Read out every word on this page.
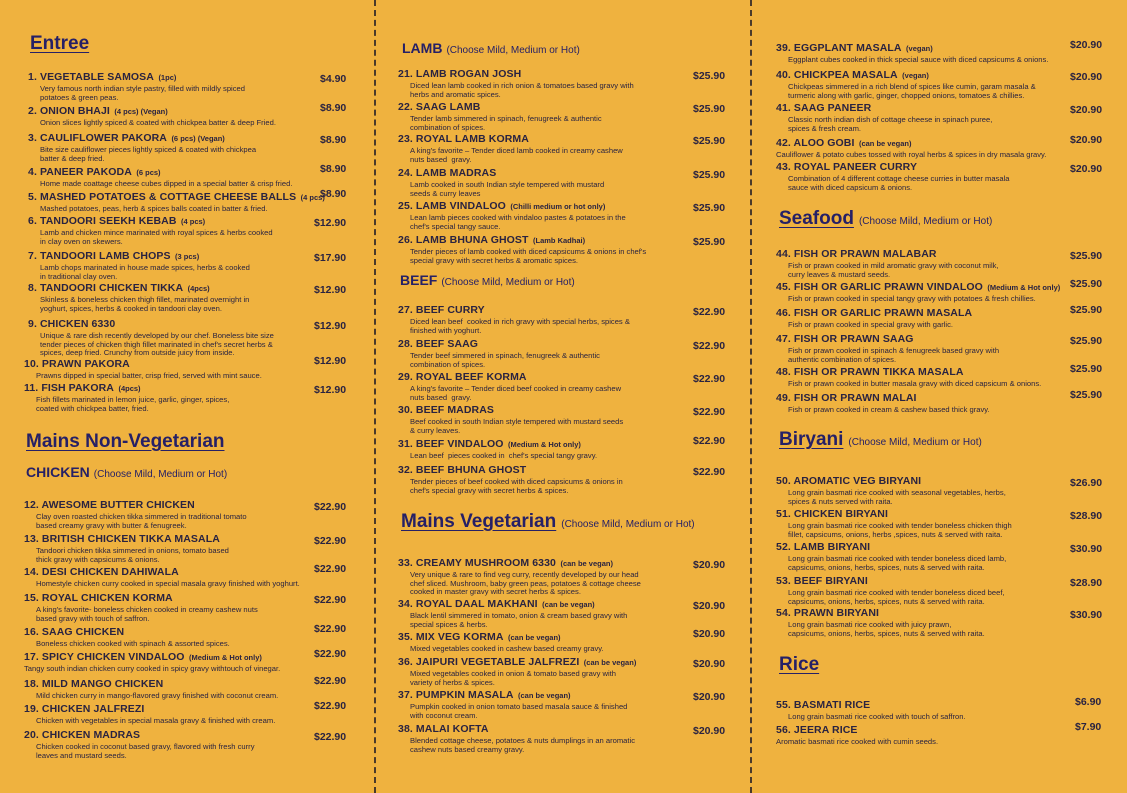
Entree
1. VEGETABLE SAMOSA (1pc)
Very famous north indian style pastry, filled with mildly spiced
potatoes & green peas.
$4.90
2. ONION BHAJI (4 pcs) (Vegan)
Onion slices lightly spiced & coated with chickpea batter & deep Fried.
$8.90
3. CAULIFLOWER PAKORA (6 pcs) (Vegan)
Bite size cauliflower pieces lightly spiced & coated with chickpea
batter & deep fried.
$8.90
4. PANEER PAKODA (6 pcs)
Home made coattage cheese cubes dipped in a special batter & crisp fried.
$8.90
5. MASHED POTATOES & COTTAGE CHEESE BALLS (4 pcs)
Mashed potatoes, peas, herb & spices balls coated in batter & fried.
$8.90
6. TANDOORI SEEKH KEBAB (4 pcs)
Lamb and chicken mince marinated with royal spices & herbs cooked
in clay oven on skewers.
$12.90
7. TANDOORI LAMB CHOPS (3 pcs)
Lamb chops marinated in house made spices, herbs & cooked
in traditional clay oven.
$17.90
8. TANDOORI CHICKEN TIKKA (4pcs)
Skinless & boneless chicken thigh fillet, marinated overnight in
yoghurt, spices, herbs & cooked in tandoori clay oven.
$12.90
9. CHICKEN 6330
Unique & rare dish recently developed by our chef. Boneless bite size
tender pieces of chicken thigh fillet marinated in chef's secret herbs &
spices, deep fried. Crunchy from outside juicy from inside.
$12.90
10. PRAWN PAKORA
Prawns dipped in special batter, crisp fried, served with mint sauce.
$12.90
11. FISH PAKORA (4pcs)
Fish fillets marinated in lemon juice, garlic, ginger, spices,
coated with chickpea batter, fried.
$12.90
Mains Non-Vegetarian
CHICKEN (Choose Mild, Medium or Hot)
12. AWESOME BUTTER CHICKEN
Clay oven roasted chicken tikka simmered in traditional tomato
based creamy gravy with butter & fenugreek.
$22.90
13. BRITISH CHICKEN TIKKA MASALA
Tandoori chicken tikka simmered in onions, tomato based
thick gravy with capsicums & onions.
$22.90
14. DESI CHICKEN DAHIWALA
Homestyle chicken curry cooked in special masala gravy finished with yoghurt.
$22.90
15. ROYAL CHICKEN KORMA
A king's favorite- boneless chicken cooked in creamy cashew nuts
based gravy with touch of saffron.
$22.90
16. SAAG CHICKEN
Boneless chicken cooked with spinach & assorted spices.
$22.90
17. SPICY CHICKEN VINDALOO (Medium & Hot only)
Tangy south indian chicken curry cooked in spicy gravy withtouch of vinegar.
$22.90
18. MILD MANGO CHICKEN
Mild chicken curry in mango-flavored gravy finished with coconut cream.
$22.90
19. CHICKEN JALFREZI
Chicken with vegetables in special masala gravy & finished with cream.
$22.90
20. CHICKEN MADRAS
Chicken cooked in coconut based gravy, flavored with fresh curry
leaves and mustard seeds.
$22.90
LAMB (Choose Mild, Medium or Hot)
21. LAMB ROGAN JOSH
Diced lean lamb cooked in rich onion & tomatoes based gravy with
herbs and aromatic spices.
$25.90
22. SAAG LAMB
Tender lamb simmered in spinach, fenugreek & authentic
combination of spices.
$25.90
23. ROYAL LAMB KORMA
A king's favorite – Tender diced lamb cooked in creamy cashew
nuts based  gravy.
$25.90
24. LAMB MADRAS
Lamb cooked in south Indian style tempered with mustard
seeds & curry leaves
$25.90
25. LAMB VINDALOO (Chilli medium or hot only)
Lean lamb pieces cooked with vindaloo pastes & potatoes in the
chef's special tangy sauce.
$25.90
26. LAMB BHUNA GHOST (Lamb Kadhai)
Tender pieces of lamb cooked with diced capsicums & onions in chef's
special gravy with secret herbs & aromatic spices.
$25.90
BEEF (Choose Mild, Medium or Hot)
27. BEEF CURRY
Diced lean beef  cooked in rich gravy with special herbs, spices &
finished with yoghurt.
$22.90
28. BEEF SAAG
Tender beef simmered in spinach, fenugreek & authentic
combination of spices.
$22.90
29. ROYAL BEEF KORMA
A king's favorite – Tender diced beef cooked in creamy cashew
nuts based  gravy.
$22.90
30. BEEF MADRAS
Beef cooked in south Indian style tempered with mustard seeds
& curry leaves.
$22.90
31. BEEF VINDALOO (Medium & Hot only)
Lean beef  pieces cooked in  chef's special tangy gravy.
$22.90
32. BEEF BHUNA GHOST
Tender pieces of beef cooked with diced capsicums & onions in
chef's special gravy with secret herbs & spices.
$22.90
Mains Vegetarian (Choose Mild, Medium or Hot)
33. CREAMY MUSHROOM 6330 (can be vegan)
Very unique & rare to find veg curry, recently developed by our head
chef sliced. Mushroom, baby green peas, potatoes & cottage cheese
cooked in master gravy with secret herbs & spices.
$20.90
34. ROYAL DAAL MAKHANI (can be vegan)
Black lentil simmered in tomato, onion & cream based gravy with
special spices & herbs.
$20.90
35. MIX VEG KORMA (can be vegan)
Mixed vegetables cooked in cashew based creamy gravy.
$20.90
36. JAIPURI VEGETABLE JALFREZI (can be vegan)
Mixed vegetables cooked in onion & tomato based gravy with
variety of herbs & spices.
$20.90
37. PUMPKIN MASALA (can be vegan)
Pumpkin cooked in onion tomato based masala sauce & finished
with coconut cream.
$20.90
38. MALAI KOFTA
Blended cottage cheese, potatoes & nuts dumplings in an aromatic
cashew nuts based creamy gravy.
$20.90
39. EGGPLANT MASALA (vegan)
Eggplant cubes cooked in thick special sauce with diced capsicums & onions.
$20.90
40. CHICKPEA MASALA (vegan)
Chickpeas simmered in a rich blend of spices like cumin, garam masala &
turmeric along with garlic, ginger, chopped onions, tomatoes & chillies.
$20.90
41. SAAG PANEER
Classic north indian dish of cottage cheese in spinach puree,
spices & fresh cream.
$20.90
42. ALOO GOBI (can be vegan)
Cauliflower & potato cubes tossed with royal herbs & spices in dry masala gravy.
$20.90
43. ROYAL PANEER CURRY
Combination of 4 different cottage cheese curries in butter masala
sauce with diced capsicum & onions.
$20.90
Seafood (Choose Mild, Medium or Hot)
44. FISH OR PRAWN MALABAR
Fish or prawn cooked in mild aromatic gravy with coconut milk,
curry leaves & mustard seeds.
$25.90
45. FISH OR GARLIC PRAWN VINDALOO (Medium & Hot only)
Fish or prawn cooked in special tangy gravy with potatoes & fresh chillies.
$25.90
46. FISH OR GARLIC PRAWN MASALA
Fish or prawn cooked in special gravy with garlic.
$25.90
47. FISH OR PRAWN SAAG
Fish or prawn cooked in spinach & fenugreek based gravy with
authentic combination of spices.
$25.90
48. FISH OR PRAWN TIKKA MASALA
Fish or prawn cooked in butter masala gravy with diced capsicum & onions.
$25.90
49. FISH OR PRAWN MALAI
Fish or prawn cooked in cream & cashew based thick gravy.
$25.90
Biryani (Choose Mild, Medium or Hot)
50. AROMATIC VEG BIRYANI
Long grain basmati rice cooked with seasonal vegetables, herbs,
spices & nuts served with raita.
$26.90
51. CHICKEN BIRYANI
Long grain basmati rice cooked with tender boneless chicken thigh
fillet, capsicums, onions, herbs ,spices, nuts & served with raita.
$28.90
52. LAMB BIRYANI
Long grain basmati rice cooked with tender boneless diced lamb,
capsicums, onions, herbs, spices, nuts & served with raita.
$30.90
53. BEEF BIRYANI
Long grain basmati rice cooked with tender boneless diced beef,
capsicums, onions, herbs, spices, nuts & served with raita.
$28.90
54. PRAWN BIRYANI
Long grain basmati rice cooked with juicy prawn,
capsicums, onions, herbs, spices, nuts & served with raita.
$30.90
Rice
55. BASMATI RICE
Long grain basmati rice cooked with touch of saffron.
$6.90
56. JEERA RICE
Aromatic basmati rice cooked with cumin seeds.
$7.90
